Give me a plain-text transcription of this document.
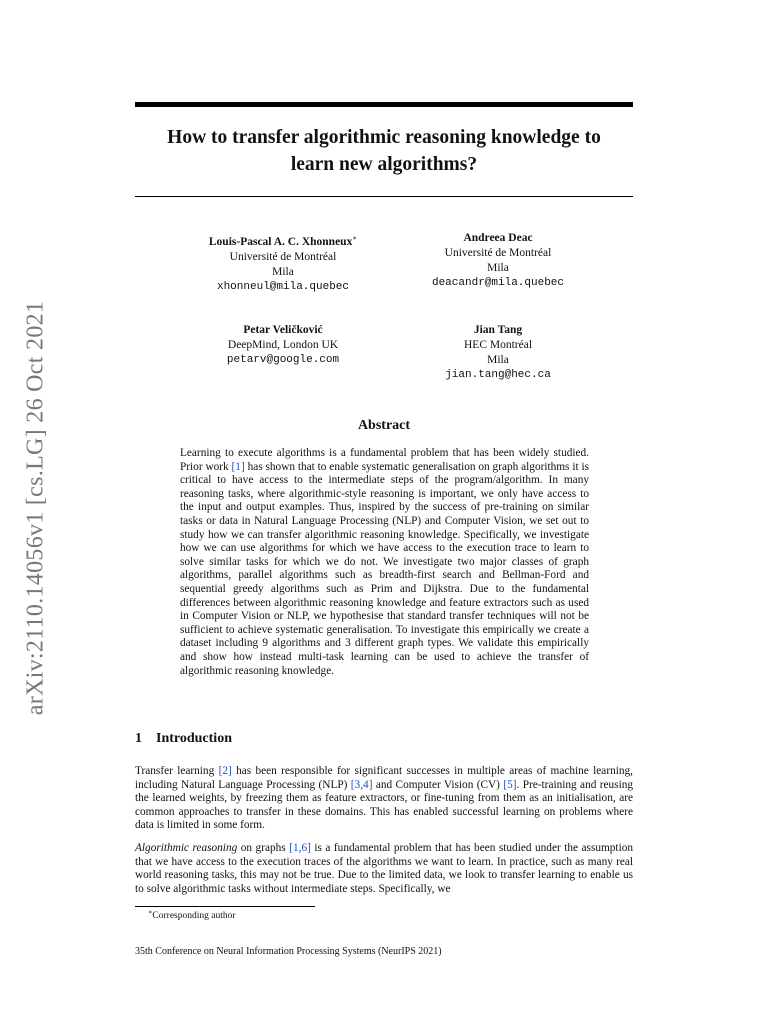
arXiv:2110.14056v1 [cs.LG] 26 Oct 2021
How to transfer algorithmic reasoning knowledge to
learn new algorithms?
Louis-Pascal A. C. Xhonneux∗
Université de Montréal
Mila
xhonneul@mila.quebec
Andreea Deac
Université de Montréal
Mila
deacandr@mila.quebec
Petar Veličković
DeepMind, London UK
petarv@google.com
Jian Tang
HEC Montréal
Mila
jian.tang@hec.ca
Abstract
Learning to execute algorithms is a fundamental problem that has been widely studied. Prior work [1] has shown that to enable systematic generalisation on graph algorithms it is critical to have access to the intermediate steps of the program/algorithm. In many reasoning tasks, where algorithmic-style reasoning is important, we only have access to the input and output examples. Thus, inspired by the success of pre-training on similar tasks or data in Natural Language Processing (NLP) and Computer Vision, we set out to study how we can transfer algorithmic reasoning knowledge. Specifically, we investigate how we can use algorithms for which we have access to the execution trace to learn to solve similar tasks for which we do not. We investigate two major classes of graph algorithms, parallel algorithms such as breadth-first search and Bellman-Ford and sequential greedy algorithms such as Prim and Dijkstra. Due to the fundamental differences between algorithmic reasoning knowledge and feature extractors such as used in Computer Vision or NLP, we hypothesise that standard transfer techniques will not be sufficient to achieve systematic generalisation. To investigate this empirically we create a dataset including 9 algorithms and 3 different graph types. We validate this empirically and show how instead multi-task learning can be used to achieve the transfer of algorithmic reasoning knowledge.
1 Introduction
Transfer learning [2] has been responsible for significant successes in multiple areas of machine learning, including Natural Language Processing (NLP) [3,4] and Computer Vision (CV) [5]. Pre-training and reusing the learned weights, by freezing them as feature extractors, or fine-tuning from them as an initialisation, are common approaches to transfer in these domains. This has enabled successful learning on problems where data is limited in some form.
Algorithmic reasoning on graphs [1,6] is a fundamental problem that has been studied under the assumption that we have access to the execution traces of the algorithms we want to learn. In practice, such as many real world reasoning tasks, this may not be true. Due to the limited data, we look to transfer learning to enable us to solve algorithmic tasks without intermediate steps. Specifically, we
∗Corresponding author
35th Conference on Neural Information Processing Systems (NeurIPS 2021)
